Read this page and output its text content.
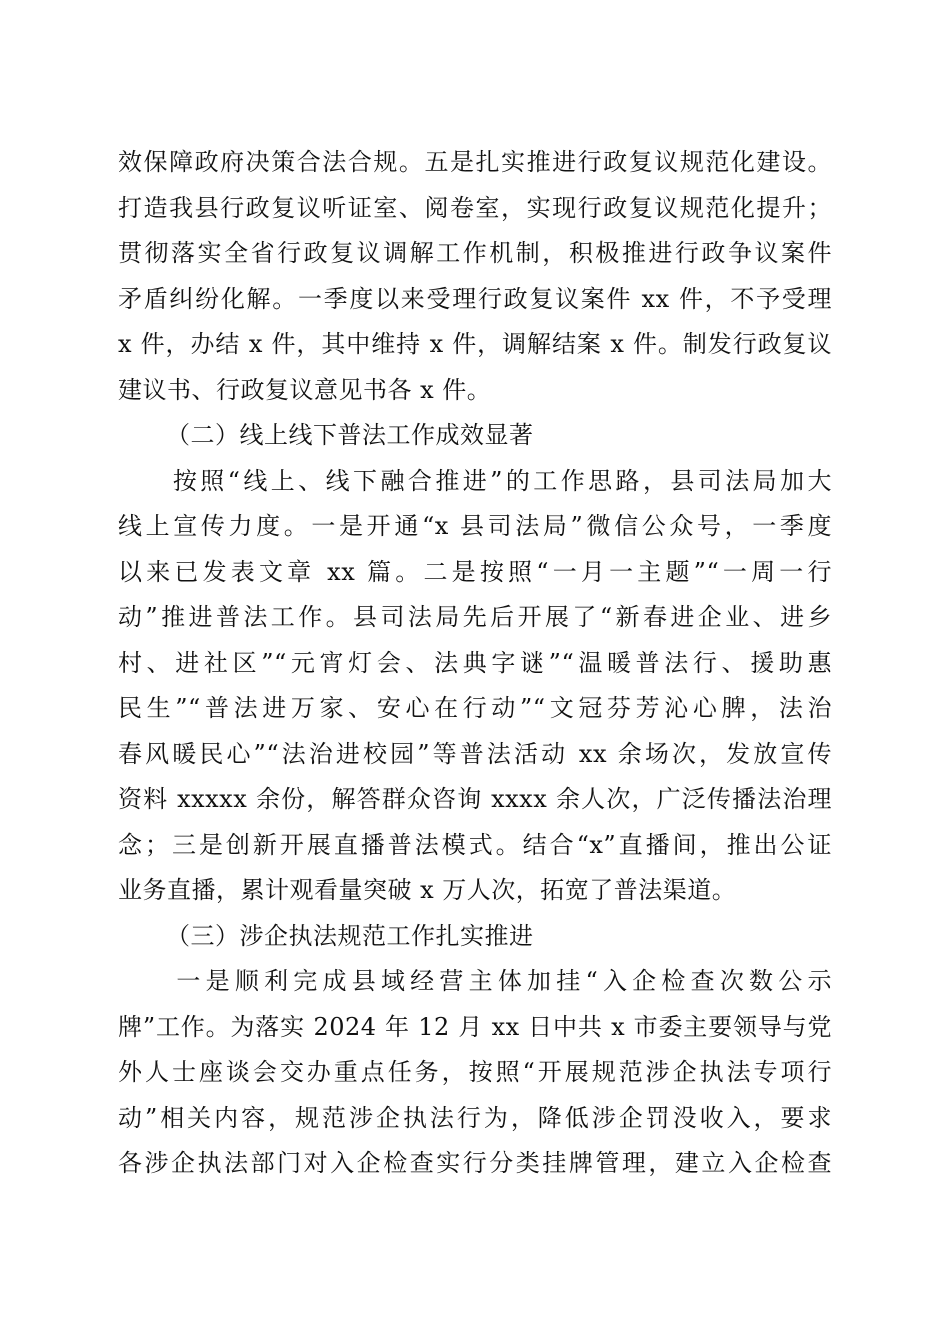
效保障政府决策合法合规。五是扎实推进行政复议规范化建设。
打造我县行政复议听证室、阅卷室，实现行政复议规范化提升；
贯彻落实全省行政复议调解工作机制，积极推进行政争议案件
矛盾纠纷化解。一季度以来受理行政复议案件 xx 件，不予受理
x 件，办结 x 件，其中维持 x 件，调解结案 x 件。制发行政复议
建议书、行政复议意见书各 x 件。
（二）线上线下普法工作成效显著
　　按照“线上、线下融合推进”的工作思路，县司法局加大
线上宣传力度。一是开通“x 县司法局”微信公众号，一季度
以来已发表文章 xx 篇。二是按照“一月一主题”“一周一行
动”推进普法工作。县司法局先后开展了“新春进企业、进乡
村、进社区”“元宵灯会、法典字谜”“温暖普法行、援助惠
民生”“普法进万家、安心在行动”“文冠芬芳沁心脾，法治
春风暖民心”“法治进校园”等普法活动 xx 余场次，发放宣传
资料 xxxxx 余份，解答群众咨询 xxxx 余人次，广泛传播法治理
念；三是创新开展直播普法模式。结合“x”直播间，推出公证
业务直播，累计观看量突破 x 万人次，拓宽了普法渠道。
（三）涉企执法规范工作扎实推进
　　一是顺利完成县域经营主体加挂“入企检查次数公示
牌”工作。为落实 2024 年 12 月 xx 日中共 x 市委主要领导与党
外人士座谈会交办重点任务，按照“开展规范涉企执法专项行
动”相关内容，规范涉企执法行为，降低涉企罚没收入，要求
各涉企执法部门对入企检查实行分类挂牌管理，建立入企检查
